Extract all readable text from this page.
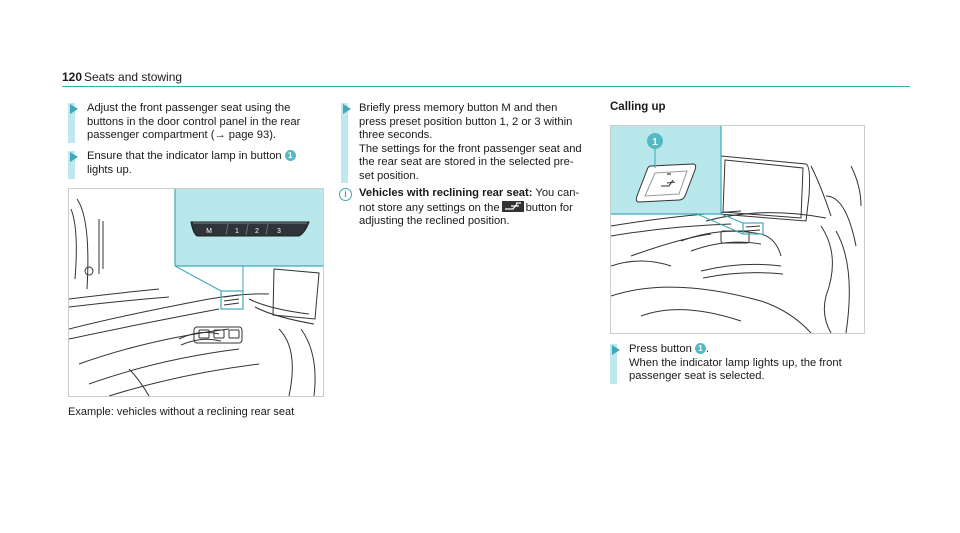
120 Seats and stowing
Adjust the front passenger seat using the
buttons in the door control panel in the rear
passenger compartment (→ page 93).
Ensure that the indicator lamp in button 1
lights up.
M	1 2	3
Example: vehicles without a reclining rear seat
Briefly press memory button M and then
press preset position button 1, 2 or 3 within
three seconds.
The settings for the front passenger seat and
the rear seat are stored in the selected pre-
set position.
i	Vehicles with reclining rear seat: You can-
not store any settings on the button for
adjusting the reclined position.
Calling up
1
Press button 1 .
When the indicator lamp lights up, the front
passenger seat is selected.
